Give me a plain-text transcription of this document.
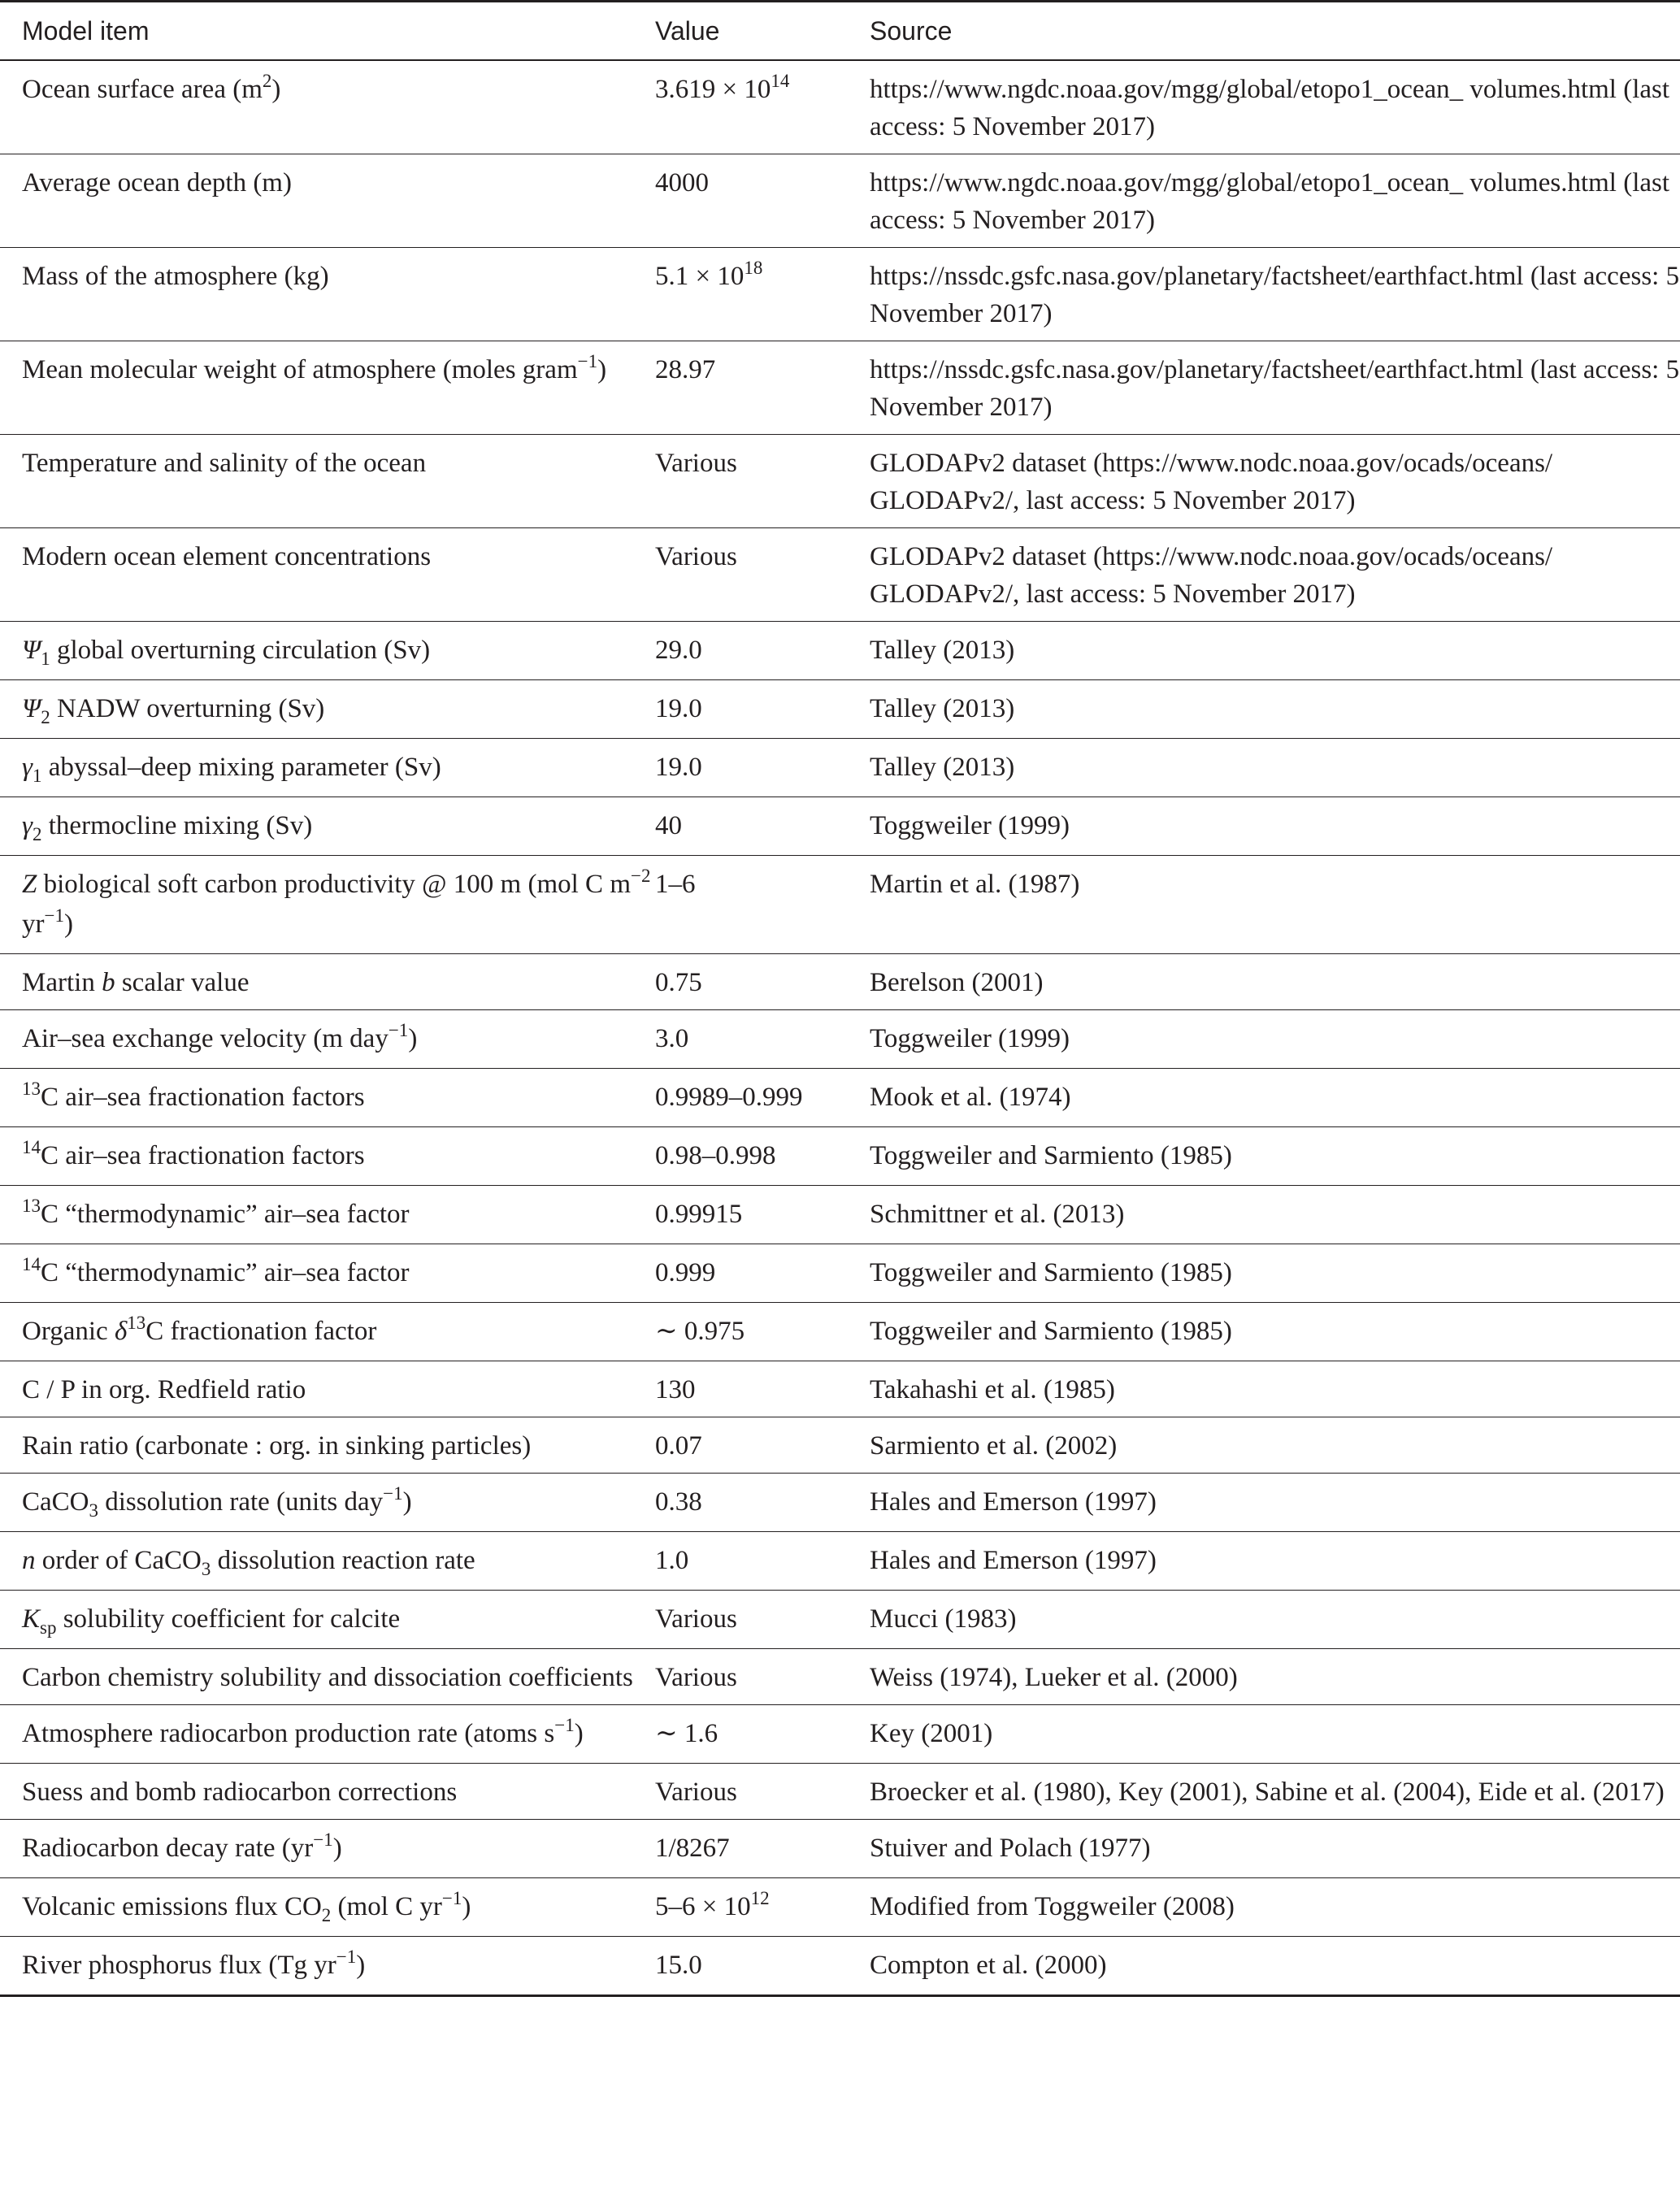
Model item	Value	Source
Ocean surface area $(m^2)$	$3.619 \times 10^{14}$	https://www.ngdc.noaa.gov/mgg/global/etopo1_ocean_ volumes.html (last access: 5 November 2017)
Average ocean depth (m)	4000	https://www.ngdc.noaa.gov/mgg/global/etopo1_ocean_ volumes.html (last access: 5 November 2017)
Mass of the atmosphere (kg)	$5.1 \times 10^{18}$	https://nssdc.gsfc.nasa.gov/planetary/factsheet/earthfact.html (last access: 5 November 2017)
Mean molecular weight of atmosphere (moles gram$^{-1}$)	28.97	https://nssdc.gsfc.nasa.gov/planetary/factsheet/earthfact.html (last access: 5 November 2017)
Temperature and salinity of the ocean	Various	GLODAPv2 dataset (https://www.nodc.noaa.gov/ocads/oceans/ GLODAPv2/, last access: 5 November 2017)
Modern ocean element concentrations	Various	GLODAPv2 dataset (https://www.nodc.noaa.gov/ocads/oceans/ GLODAPv2/, last access: 5 November 2017)
$\Psi_1$ global overturning circulation (Sv)	29.0	Talley (2013)
$\Psi_2$ NADW overturning (Sv)	19.0	Talley (2013)
$\gamma_1$ abyssal–deep mixing parameter (Sv)	19.0	Talley (2013)
$\gamma_2$ thermocline mixing (Sv)	40	Toggweiler (1999)
Z biological soft carbon productivity @ 100 m (mol C $m^{-2}$ $yr^{-1}$)	1–6	Martin et al. (1987)
Martin b scalar value	0.75	Berelson (2001)
Air–sea exchange velocity (m day$^{-1}$)	3.0	Toggweiler (1999)
$^{13}$C air–sea fractionation factors	0.9989–0.999	Mook et al. (1974)
$^{14}$C air–sea fractionation factors	0.98–0.998	Toggweiler and Sarmiento (1985)
$^{13}$C “thermodynamic” air–sea factor	0.99915	Schmittner et al. (2013)
$^{14}$C “thermodynamic” air–sea factor	0.999	Toggweiler and Sarmiento (1985)
Organic $\delta^{13}C$ fractionation factor	∼ 0.975	Toggweiler and Sarmiento (1985)
C / P in org. Redfield ratio	130	Takahashi et al. (1985)
Rain ratio (carbonate : org. in sinking particles)	0.07	Sarmiento et al. (2002)
CaCO$_3$ dissolution rate (units day$^{-1}$)	0.38	Hales and Emerson (1997)
n order of CaCO$_3$ dissolution reaction rate	1.0	Hales and Emerson (1997)
$K_{sp}$ solubility coefficient for calcite	Various	Mucci (1983)
Carbon chemistry solubility and dissociation coefficients	Various	Weiss (1974), Lueker et al. (2000)
Atmosphere radiocarbon production rate (atoms $s^{-1}$)	∼ 1.6	Key (2001)
Suess and bomb radiocarbon corrections	Various	Broecker et al. (1980), Key (2001), Sabine et al. (2004), Eide et al. (2017)
Radiocarbon decay rate $(yr^{-1})$	1/8267	Stuiver and Polach (1977)
Volcanic emissions flux $CO_2$ (mol C $yr^{-1}$)	$5-6 \times 10^{12}$	Modified from Toggweiler (2008)
River phosphorus flux (Tg $yr^{-1}$)	15.0	Compton et al. (2000)
